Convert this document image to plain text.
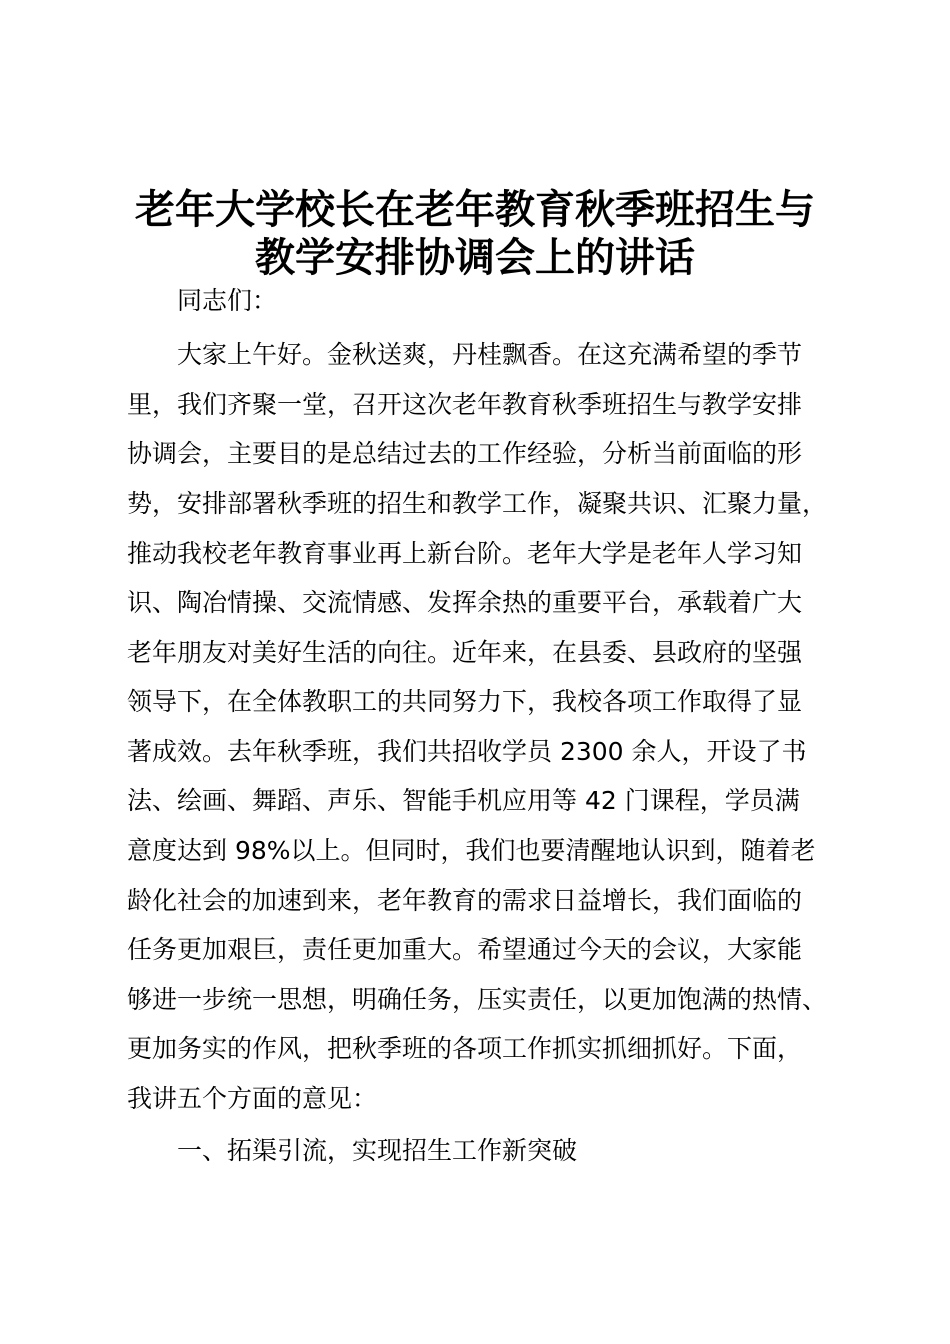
老年大学校长在老年教育秋季班招生与
教学安排协调会上的讲话
同志们：
大家上午好。金秋送爽，丹桂飘香。在这充满希望的季节
里，我们齐聚一堂，召开这次老年教育秋季班招生与教学安排
协调会，主要目的是总结过去的工作经验，分析当前面临的形
势，安排部署秋季班的招生和教学工作，凝聚共识、汇聚力量，
推动我校老年教育事业再上新台阶。老年大学是老年人学习知
识、陶冶情操、交流情感、发挥余热的重要平台，承载着广大
老年朋友对美好生活的向往。近年来，在县委、县政府的坚强
领导下，在全体教职工的共同努力下，我校各项工作取得了显
著成效。去年秋季班，我们共招收学员 2300 余人，开设了书
法、绘画、舞蹈、声乐、智能手机应用等 42 门课程，学员满
意度达到 98%以上。但同时，我们也要清醒地认识到，随着老
龄化社会的加速到来，老年教育的需求日益增长，我们面临的
任务更加艰巨，责任更加重大。希望通过今天的会议，大家能
够进一步统一思想，明确任务，压实责任，以更加饱满的热情、
更加务实的作风，把秋季班的各项工作抓实抓细抓好。下面，
我讲五个方面的意见：
一、拓渠引流，实现招生工作新突破
